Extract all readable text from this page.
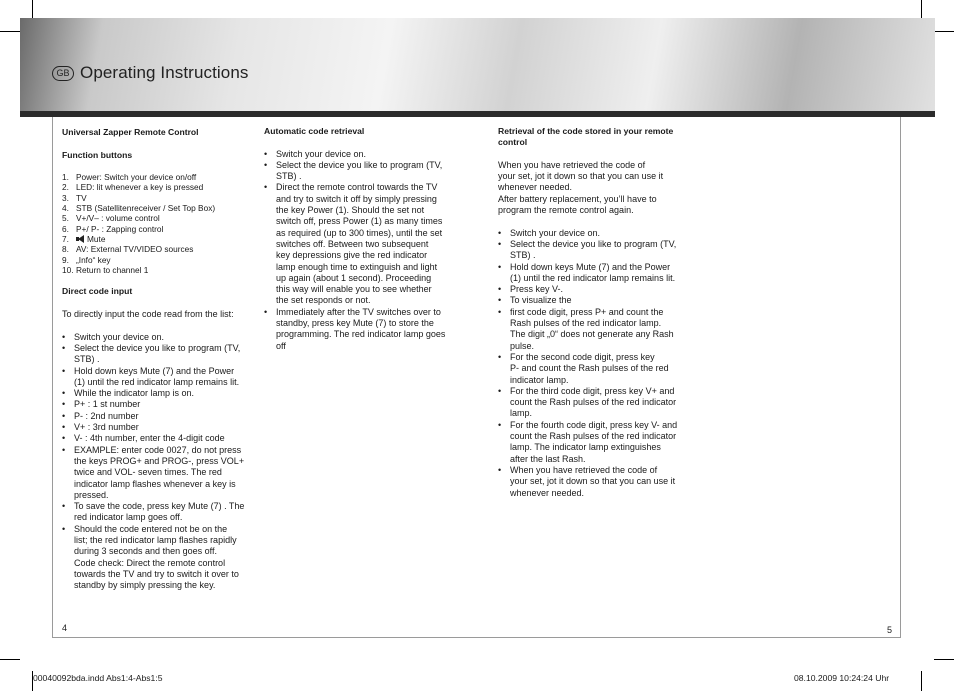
GB Operating Instructions
Universal Zapper Remote Control
Function buttons
1. Power: Switch your device on/off
2. LED: lit whenever a key is pressed
3. TV
4. STB (Satellitenreceiver / Set Top Box)
5. V+/V– : volume control
6. P+/ P- : Zapping control
7.	Mute
8. AV: External TV/VIDEO sources
9. „Info“ key
10. Return to channel 1
Direct code input
To directly input the code read from the list:
• Switch your device on.
• Select the device you like to program (TV,
STB) .
• Hold down keys Mute (7) and the Power
(1) until the red indicator lamp remains lit.
• While the indicator lamp is on.
• P+ : 1 st number
• P- : 2nd number
• V+ : 3rd number
• V- : 4th number, enter the 4-digit code
• EXAMPLE: enter code 0027, do not press
the keys PROG+ and PROG-, press VOL+
twice and VOL- seven times. The red
indicator lamp flashes whenever a key is
pressed.
• To save the code, press key Mute (7) . The
red indicator lamp goes off.
• Should the code entered not be on the
list; the red indicator lamp flashes rapidly
during 3 seconds and then goes off.
Code check: Direct the remote control
towards the TV and try to switch it over to
standby by simply pressing the key.
Automatic code retrieval
• Switch your device on.
• Select the device you like to program (TV,
STB) .
• Direct the remote control towards the TV
and try to switch it off by simply pressing
the key Power (1). Should the set not
switch off, press Power (1) as many times
as required (up to 300 times), until the set
switches off. Between two subsequent
key depressions give the red indicator
lamp enough time to extinguish and light
up again (about 1 second). Proceeding
this way will enable you to see whether
the set responds or not.
• Immediately after the TV switches over to
standby, press key Mute (7) to store the
programming. The red indicator lamp goes
off
Retrieval of the code stored in your remote
control
When you have retrieved the code of
your set, jot it down so that you can use it
whenever needed.
After battery replacement, you’ll have to
program the remote control again.
• Switch your device on.
• Select the device you like to program (TV,
STB) .
• Hold down keys Mute (7) and the Power
(1) until the red indicator lamp remains lit.
• Press key V-.
• To visualize the
• first code digit, press P+ and count the
Rash pulses of the red indicator lamp.
The digit „0“ does not generate any Rash
pulse.
• For the second code digit, press key
P- and count the Rash pulses of the red
indicator lamp.
• For the third code digit, press key V+ and
count the Rash pulses of the red indicator
lamp.
• For the fourth code digit, press key V- and
count the Rash pulses of the red indicator
lamp. The indicator lamp extinguishes
after the last Rash.
• When you have retrieved the code of
your set, jot it down so that you can use it
whenever needed.
4	5
00040092bda.indd Abs1:4-Abs1:5	08.10.2009 10:24:24 Uhr
